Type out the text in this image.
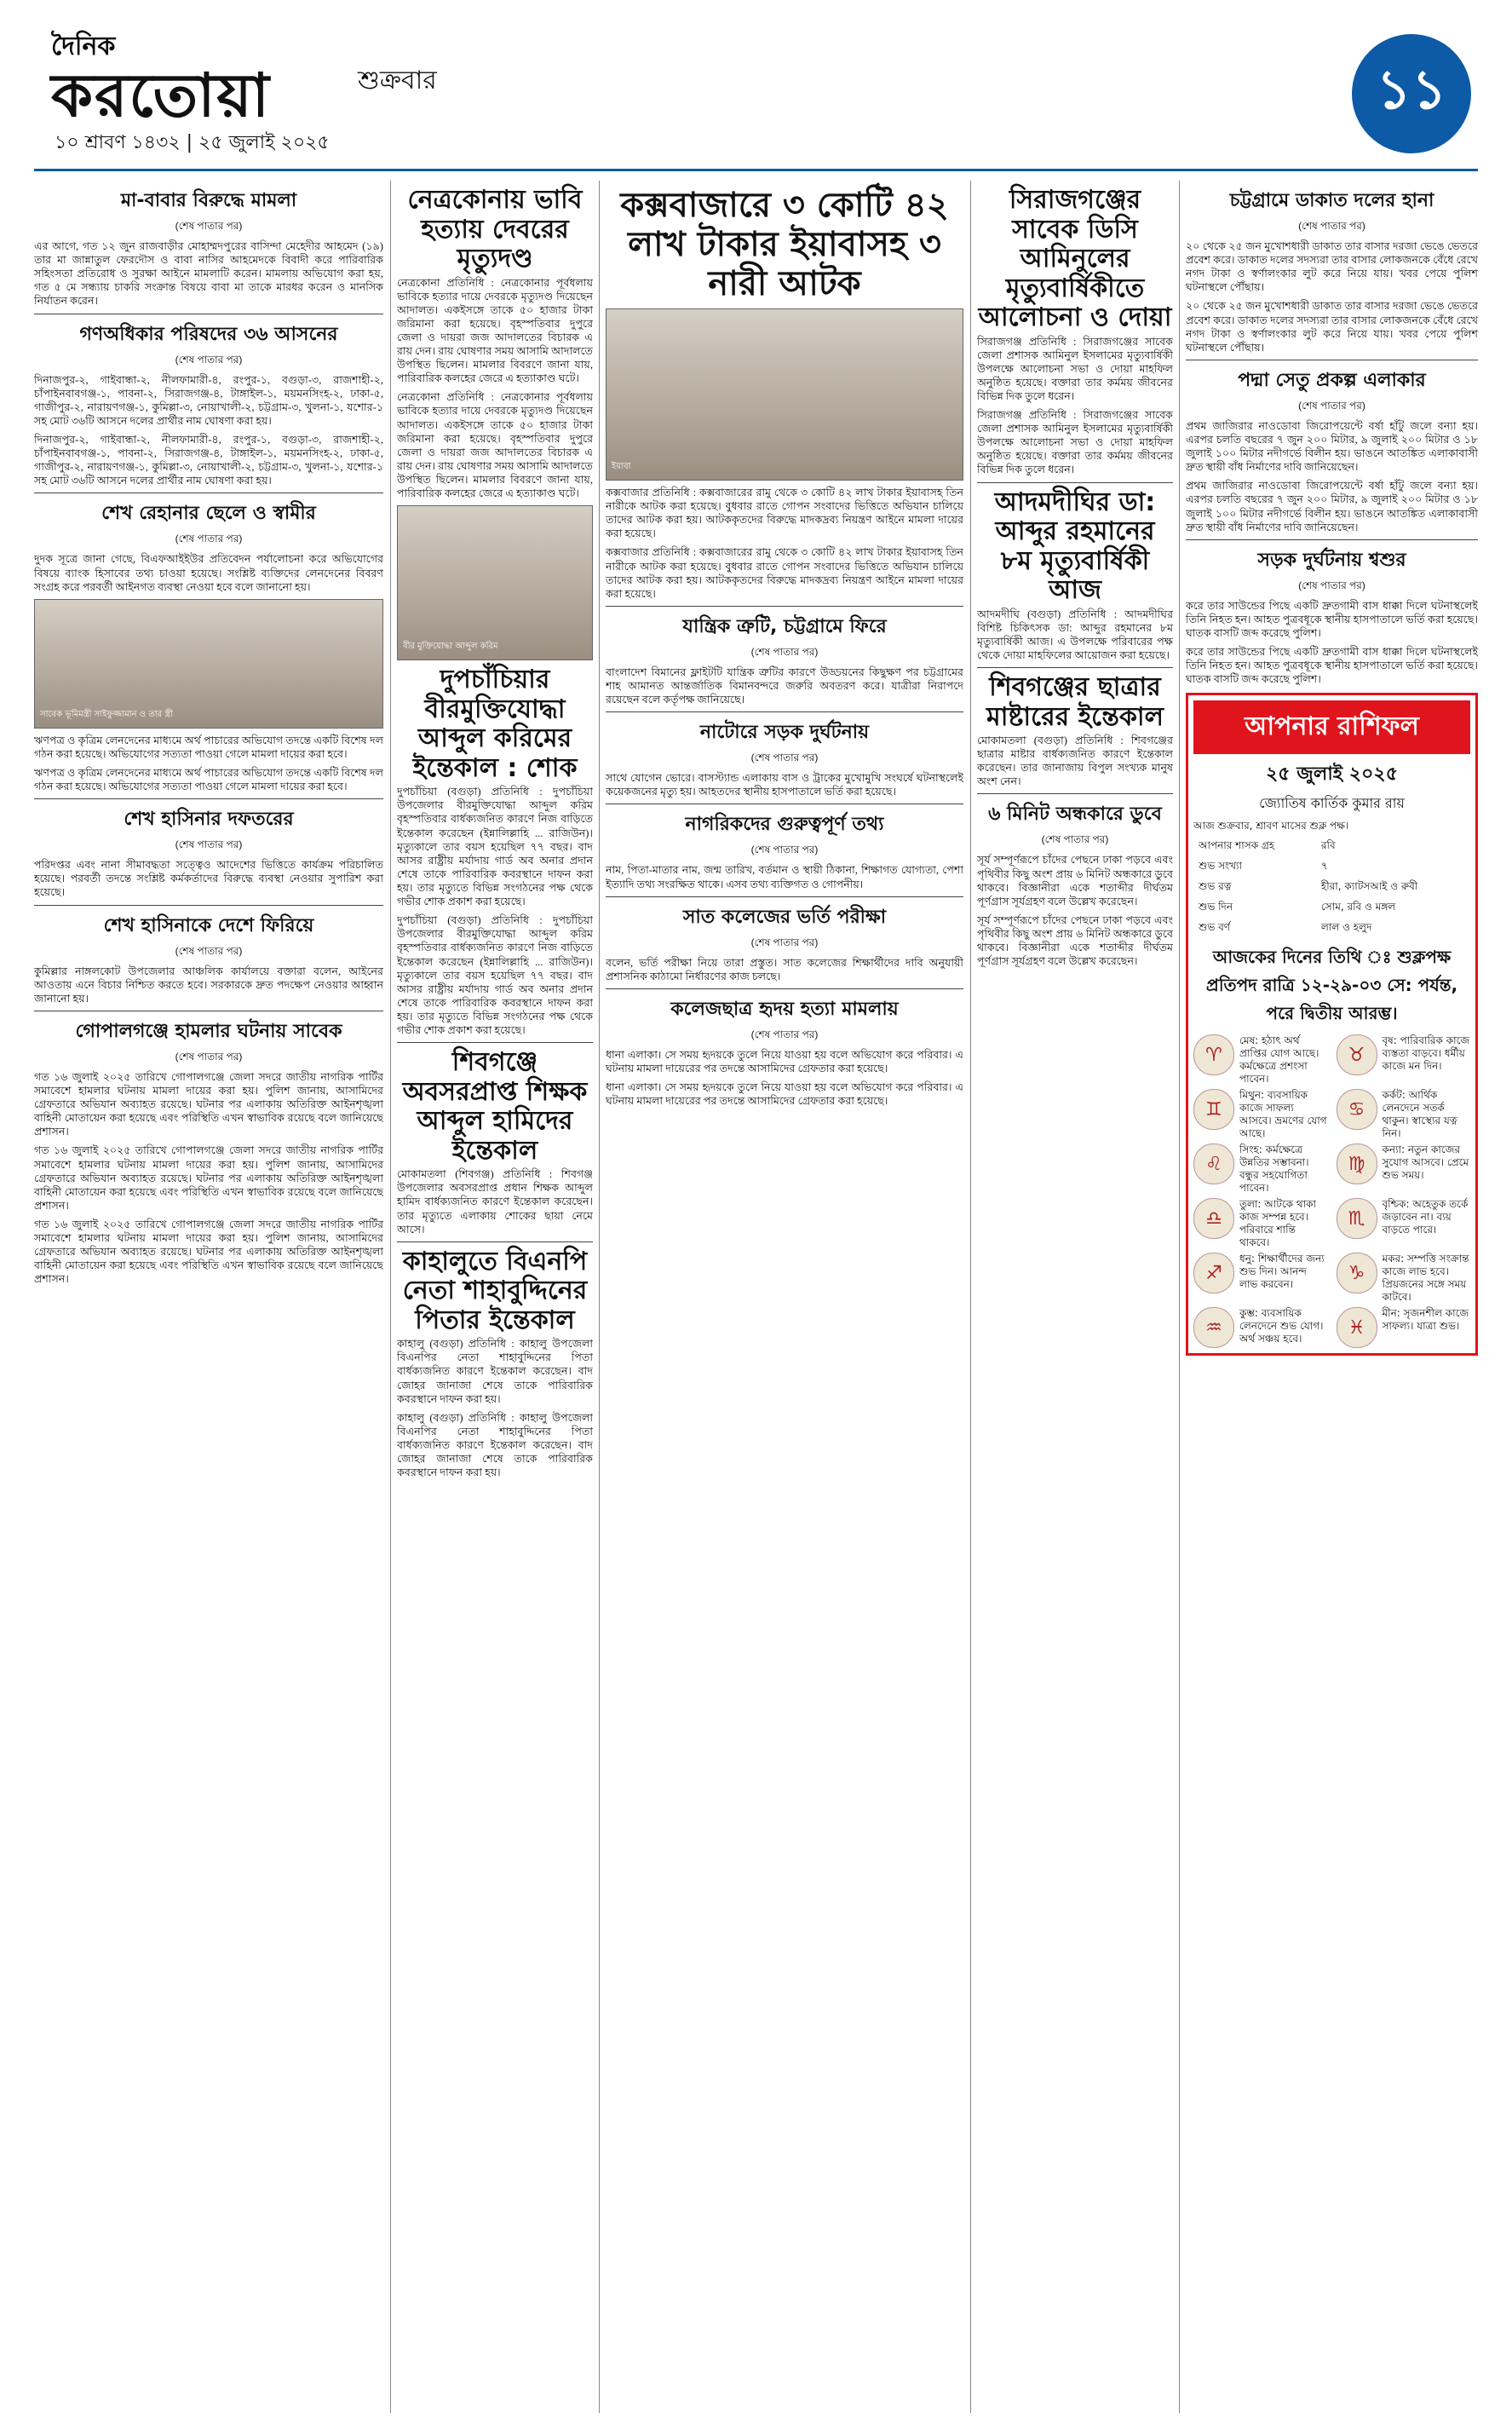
দৈনিক
করতোয়া	শুক্রবার
১০ শ্রাবণ ১৪৩২ | ২৫ জুলাই ২০২৫
১১
মা-বাবার বিরুদ্ধে মামলা
(শেষ পাতার পর)

এর আগে, গত ১২ জুন রাজবাড়ীর মোহাম্মদপুরের বাসিন্দা মেহেদীর আহমেদ (১৯) তার মা জান্নাতুল ফেরদৌস ও বাবা নাসির আহমেদকে বিবাদী করে পারিবারিক সহিংসতা প্রতিরোধ ও সুরক্ষা আইনে মামলাটি করেন। মামলায় অভিযোগ করা হয়, গত ৫ মে সন্ধ্যায় চাকরি সংক্রান্ত বিষয়ে বাবা মা তাকে মারধর করেন ও মানসিক নির্যাতন করেন।

গণঅধিকার পরিষদের ৩৬ আসনের
(শেষ পাতার পর)

দিনাজপুর-২, গাইবান্ধা-২, নীলফামারী-৪, রংপুর-১, বগুড়া-৩, রাজশাহী-২, চাঁপাইনবাবগঞ্জ-১, পাবনা-২, সিরাজগঞ্জ-৪, টাঙ্গাইল-১, ময়মনসিংহ-২, ঢাকা-৫, গাজীপুর-২, নারায়ণগঞ্জ-১, কুমিল্লা-৩, নোয়াখালী-২, চট্টগ্রাম-৩, খুলনা-১, যশোর-১ সহ মোট ৩৬টি আসনে দলের প্রার্থীর নাম ঘোষণা করা হয়।

দিনাজপুর-২, গাইবান্ধা-২, নীলফামারী-৪, রংপুর-১, বগুড়া-৩, রাজশাহী-২, চাঁপাইনবাবগঞ্জ-১, পাবনা-২, সিরাজগঞ্জ-৪, টাঙ্গাইল-১, ময়মনসিংহ-২, ঢাকা-৫, গাজীপুর-২, নারায়ণগঞ্জ-১, কুমিল্লা-৩, নোয়াখালী-২, চট্টগ্রাম-৩, খুলনা-১, যশোর-১ সহ মোট ৩৬টি আসনে দলের প্রার্থীর নাম ঘোষণা করা হয়।

শেখ রেহানার ছেলে ও স্বামীর
(শেষ পাতার পর)

দুদক সূত্রে জানা গেছে, বিএফআইইউর প্রতিবেদন পর্যালোচনা করে অভিযোগের বিষয়ে ব্যাংক হিসাবের তথ্য চাওয়া হয়েছে। সংশ্লিষ্ট ব্যক্তিদের লেনদেনের বিবরণ সংগ্রহ করে পরবর্তী আইনগত ব্যবস্থা নেওয়া হবে বলে জানানো হয়।

সাবেক ভূমিমন্ত্রী সাইফুজ্জামান ও তার স্ত্রী

ঋণপত্র ও কৃত্রিম লেনদেনের মাধ্যমে অর্থ পাচারের অভিযোগ তদন্তে একটি বিশেষ দল গঠন করা হয়েছে। অভিযোগের সত্যতা পাওয়া গেলে মামলা দায়ের করা হবে।

ঋণপত্র ও কৃত্রিম লেনদেনের মাধ্যমে অর্থ পাচারের অভিযোগ তদন্তে একটি বিশেষ দল গঠন করা হয়েছে। অভিযোগের সত্যতা পাওয়া গেলে মামলা দায়ের করা হবে।

শেখ হাসিনার দফতরের
(শেষ পাতার পর)

পরিদপ্তর এবং নানা সীমাবদ্ধতা সত্ত্বেও আদেশের ভিত্তিতে কার্যক্রম পরিচালিত হয়েছে। পরবর্তী তদন্তে সংশ্লিষ্ট কর্মকর্তাদের বিরুদ্ধে ব্যবস্থা নেওয়ার সুপারিশ করা হয়েছে।

শেখ হাসিনাকে দেশে ফিরিয়ে
(শেষ পাতার পর)

কুমিল্লার নাঙ্গলকোট উপজেলার আঞ্চলিক কার্যালয়ে বক্তারা বলেন, আইনের আওতায় এনে বিচার নিশ্চিত করতে হবে। সরকারকে দ্রুত পদক্ষেপ নেওয়ার আহ্বান জানানো হয়।

গোপালগঞ্জে হামলার ঘটনায় সাবেক
(শেষ পাতার পর)

গত ১৬ জুলাই ২০২৫ তারিখে গোপালগঞ্জে জেলা সদরে জাতীয় নাগরিক পার্টির সমাবেশে হামলার ঘটনায় মামলা দায়ের করা হয়। পুলিশ জানায়, আসামিদের গ্রেফতারে অভিযান অব্যাহত রয়েছে। ঘটনার পর এলাকায় অতিরিক্ত আইনশৃঙ্খলা বাহিনী মোতায়েন করা হয়েছে এবং পরিস্থিতি এখন স্বাভাবিক রয়েছে বলে জানিয়েছে প্রশাসন।

গত ১৬ জুলাই ২০২৫ তারিখে গোপালগঞ্জে জেলা সদরে জাতীয় নাগরিক পার্টির সমাবেশে হামলার ঘটনায় মামলা দায়ের করা হয়। পুলিশ জানায়, আসামিদের গ্রেফতারে অভিযান অব্যাহত রয়েছে। ঘটনার পর এলাকায় অতিরিক্ত আইনশৃঙ্খলা বাহিনী মোতায়েন করা হয়েছে এবং পরিস্থিতি এখন স্বাভাবিক রয়েছে বলে জানিয়েছে প্রশাসন।

গত ১৬ জুলাই ২০২৫ তারিখে গোপালগঞ্জে জেলা সদরে জাতীয় নাগরিক পার্টির সমাবেশে হামলার ঘটনায় মামলা দায়ের করা হয়। পুলিশ জানায়, আসামিদের গ্রেফতারে অভিযান অব্যাহত রয়েছে। ঘটনার পর এলাকায় অতিরিক্ত আইনশৃঙ্খলা বাহিনী মোতায়েন করা হয়েছে এবং পরিস্থিতি এখন স্বাভাবিক রয়েছে বলে জানিয়েছে প্রশাসন।

নেত্রকোনায় ভাবি হত্যায় দেবরের মৃত্যুদণ্ড

নেত্রকোনা প্রতিনিধি : নেত্রকোনার পূর্বধলায় ভাবিকে হত্যার দায়ে দেবরকে মৃত্যুদণ্ড দিয়েছেন আদালত। একইসঙ্গে তাকে ৫০ হাজার টাকা জরিমানা করা হয়েছে। বৃহস্পতিবার দুপুরে জেলা ও দায়রা জজ আদালতের বিচারক এ রায় দেন। রায় ঘোষণার সময় আসামি আদালতে উপস্থিত ছিলেন। মামলার বিবরণে জানা যায়, পারিবারিক কলহের জেরে এ হত্যাকাণ্ড ঘটে।

নেত্রকোনা প্রতিনিধি : নেত্রকোনার পূর্বধলায় ভাবিকে হত্যার দায়ে দেবরকে মৃত্যুদণ্ড দিয়েছেন আদালত। একইসঙ্গে তাকে ৫০ হাজার টাকা জরিমানা করা হয়েছে। বৃহস্পতিবার দুপুরে জেলা ও দায়রা জজ আদালতের বিচারক এ রায় দেন। রায় ঘোষণার সময় আসামি আদালতে উপস্থিত ছিলেন। মামলার বিবরণে জানা যায়, পারিবারিক কলহের জেরে এ হত্যাকাণ্ড ঘটে।

বীর মুক্তিযোদ্ধা আব্দুল করিম
দুপচাঁচিয়ার বীরমুক্তিযোদ্ধা আব্দুল করিমের ইন্তেকাল : শোক

দুপচাঁচিয়া (বগুড়া) প্রতিনিধি : দুপচাঁচিয়া উপজেলার বীরমুক্তিযোদ্ধা আব্দুল করিম বৃহস্পতিবার বার্ধক্যজনিত কারণে নিজ বাড়িতে ইন্তেকাল করেছেন (ইন্নালিল্লাহি ... রাজিউন)। মৃত্যুকালে তার বয়স হয়েছিল ৭৭ বছর। বাদ আসর রাষ্ট্রীয় মর্যাদায় গার্ড অব অনার প্রদান শেষে তাকে পারিবারিক কবরস্থানে দাফন করা হয়। তার মৃত্যুতে বিভিন্ন সংগঠনের পক্ষ থেকে গভীর শোক প্রকাশ করা হয়েছে।

দুপচাঁচিয়া (বগুড়া) প্রতিনিধি : দুপচাঁচিয়া উপজেলার বীরমুক্তিযোদ্ধা আব্দুল করিম বৃহস্পতিবার বার্ধক্যজনিত কারণে নিজ বাড়িতে ইন্তেকাল করেছেন (ইন্নালিল্লাহি ... রাজিউন)। মৃত্যুকালে তার বয়স হয়েছিল ৭৭ বছর। বাদ আসর রাষ্ট্রীয় মর্যাদায় গার্ড অব অনার প্রদান শেষে তাকে পারিবারিক কবরস্থানে দাফন করা হয়। তার মৃত্যুতে বিভিন্ন সংগঠনের পক্ষ থেকে গভীর শোক প্রকাশ করা হয়েছে।

শিবগঞ্জে অবসরপ্রাপ্ত শিক্ষক আব্দুল হামিদের ইন্তেকাল

মোকামতলা (শিবগঞ্জ) প্রতিনিধি : শিবগঞ্জ উপজেলার অবসরপ্রাপ্ত প্রধান শিক্ষক আব্দুল হামিদ বার্ধক্যজনিত কারণে ইন্তেকাল করেছেন। তার মৃত্যুতে এলাকায় শোকের ছায়া নেমে আসে।

কাহালুতে বিএনপি নেতা শাহাবুদ্দিনের পিতার ইন্তেকাল

কাহালু (বগুড়া) প্রতিনিধি : কাহালু উপজেলা বিএনপির নেতা শাহাবুদ্দিনের পিতা বার্ধক্যজনিত কারণে ইন্তেকাল করেছেন। বাদ জোহর জানাজা শেষে তাকে পারিবারিক কবরস্থানে দাফন করা হয়।

কাহালু (বগুড়া) প্রতিনিধি : কাহালু উপজেলা বিএনপির নেতা শাহাবুদ্দিনের পিতা বার্ধক্যজনিত কারণে ইন্তেকাল করেছেন। বাদ জোহর জানাজা শেষে তাকে পারিবারিক কবরস্থানে দাফন করা হয়।

কক্সবাজারে ৩ কোটি ৪২ লাখ টাকার ইয়াবাসহ ৩ নারী আটক
ইয়াবা

কক্সবাজার প্রতিনিধি : কক্সবাজারের রামু থেকে ৩ কোটি ৪২ লাখ টাকার ইয়াবাসহ তিন নারীকে আটক করা হয়েছে। বুধবার রাতে গোপন সংবাদের ভিত্তিতে অভিযান চালিয়ে তাদের আটক করা হয়। আটককৃতদের বিরুদ্ধে মাদকদ্রব্য নিয়ন্ত্রণ আইনে মামলা দায়ের করা হয়েছে।

কক্সবাজার প্রতিনিধি : কক্সবাজারের রামু থেকে ৩ কোটি ৪২ লাখ টাকার ইয়াবাসহ তিন নারীকে আটক করা হয়েছে। বুধবার রাতে গোপন সংবাদের ভিত্তিতে অভিযান চালিয়ে তাদের আটক করা হয়। আটককৃতদের বিরুদ্ধে মাদকদ্রব্য নিয়ন্ত্রণ আইনে মামলা দায়ের করা হয়েছে।

যান্ত্রিক ত্রুটি, চট্টগ্রামে ফিরে
(শেষ পাতার পর)

বাংলাদেশ বিমানের ফ্লাইটটি যান্ত্রিক ত্রুটির কারণে উড্ডয়নের কিছুক্ষণ পর চট্টগ্রামের শাহ আমানত আন্তর্জাতিক বিমানবন্দরে জরুরি অবতরণ করে। যাত্রীরা নিরাপদে রয়েছেন বলে কর্তৃপক্ষ জানিয়েছে।

নাটোরে সড়ক দুর্ঘটনায়
(শেষ পাতার পর)

সাথে যোগেন ভোরে। বাসস্ট্যান্ড এলাকায় বাস ও ট্রাকের মুখোমুখি সংঘর্ষে ঘটনাস্থলেই কয়েকজনের মৃত্যু হয়। আহতদের স্থানীয় হাসপাতালে ভর্তি করা হয়েছে।

নাগরিকদের গুরুত্বপূর্ণ তথ্য
(শেষ পাতার পর)

নাম, পিতা-মাতার নাম, জন্ম তারিখ, বর্তমান ও স্থায়ী ঠিকানা, শিক্ষাগত যোগ্যতা, পেশা ইত্যাদি তথ্য সংরক্ষিত থাকে। এসব তথ্য ব্যক্তিগত ও গোপনীয়।

সাত কলেজের ভর্তি পরীক্ষা
(শেষ পাতার পর)

বলেন, ভর্তি পরীক্ষা নিয়ে তারা প্রস্তুত। সাত কলেজের শিক্ষার্থীদের দাবি অনুযায়ী প্রশাসনিক কাঠামো নির্ধারণের কাজ চলছে।

কলেজছাত্র হৃদয় হত্যা মামলায়
(শেষ পাতার পর)

ধানা এলাকা। সে সময় হৃদয়কে তুলে নিয়ে যাওয়া হয় বলে অভিযোগ করে পরিবার। এ ঘটনায় মামলা দায়েরের পর তদন্তে আসামিদের গ্রেফতার করা হয়েছে।

ধানা এলাকা। সে সময় হৃদয়কে তুলে নিয়ে যাওয়া হয় বলে অভিযোগ করে পরিবার। এ ঘটনায় মামলা দায়েরের পর তদন্তে আসামিদের গ্রেফতার করা হয়েছে।

সিরাজগঞ্জের সাবেক ডিসি আমিনুলের মৃত্যুবার্ষিকীতে আলোচনা ও দোয়া

সিরাজগঞ্জ প্রতিনিধি : সিরাজগঞ্জের সাবেক জেলা প্রশাসক আমিনুল ইসলামের মৃত্যুবার্ষিকী উপলক্ষে আলোচনা সভা ও দোয়া মাহফিল অনুষ্ঠিত হয়েছে। বক্তারা তার কর্মময় জীবনের বিভিন্ন দিক তুলে ধরেন।

সিরাজগঞ্জ প্রতিনিধি : সিরাজগঞ্জের সাবেক জেলা প্রশাসক আমিনুল ইসলামের মৃত্যুবার্ষিকী উপলক্ষে আলোচনা সভা ও দোয়া মাহফিল অনুষ্ঠিত হয়েছে। বক্তারা তার কর্মময় জীবনের বিভিন্ন দিক তুলে ধরেন।

আদমদীঘির ডা: আব্দুর রহমানের ৮ম মৃত্যুবার্ষিকী আজ

আদমদীঘি (বগুড়া) প্রতিনিধি : আদমদীঘির বিশিষ্ট চিকিৎসক ডা: আব্দুর রহমানের ৮ম মৃত্যুবার্ষিকী আজ। এ উপলক্ষে পরিবারের পক্ষ থেকে দোয়া মাহফিলের আয়োজন করা হয়েছে।

শিবগঞ্জের ছাত্রার মাষ্টারের ইন্তেকাল

মোকামতলা (বগুড়া) প্রতিনিধি : শিবগঞ্জের ছাত্রার মাষ্টার বার্ধক্যজনিত কারণে ইন্তেকাল করেছেন। তার জানাজায় বিপুল সংখ্যক মানুষ অংশ নেন।

৬ মিনিট অন্ধকারে ডুবে
(শেষ পাতার পর)

সূর্য সম্পূর্ণরূপে চাঁদের পেছনে ঢাকা পড়বে এবং পৃথিবীর কিছু অংশ প্রায় ৬ মিনিট অন্ধকারে ডুবে থাকবে। বিজ্ঞানীরা একে শতাব্দীর দীর্ঘতম পূর্ণগ্রাস সূর্যগ্রহণ বলে উল্লেখ করেছেন।

সূর্য সম্পূর্ণরূপে চাঁদের পেছনে ঢাকা পড়বে এবং পৃথিবীর কিছু অংশ প্রায় ৬ মিনিট অন্ধকারে ডুবে থাকবে। বিজ্ঞানীরা একে শতাব্দীর দীর্ঘতম পূর্ণগ্রাস সূর্যগ্রহণ বলে উল্লেখ করেছেন।

চট্টগ্রামে ডাকাত দলের হানা
(শেষ পাতার পর)

২০ থেকে ২৫ জন মুখোশধারী ডাকাত তার বাসার দরজা ভেঙে ভেতরে প্রবেশ করে। ডাকাত দলের সদস্যরা তার বাসার লোকজনকে বেঁধে রেখে নগদ টাকা ও স্বর্ণালংকার লুট করে নিয়ে যায়। খবর পেয়ে পুলিশ ঘটনাস্থলে পৌঁছায়।

২০ থেকে ২৫ জন মুখোশধারী ডাকাত তার বাসার দরজা ভেঙে ভেতরে প্রবেশ করে। ডাকাত দলের সদস্যরা তার বাসার লোকজনকে বেঁধে রেখে নগদ টাকা ও স্বর্ণালংকার লুট করে নিয়ে যায়। খবর পেয়ে পুলিশ ঘটনাস্থলে পৌঁছায়।

পদ্মা সেতু প্রকল্প এলাকার
(শেষ পাতার পর)

প্রথম জাজিরার নাওডোবা জিরোপয়েন্টে বর্ষা হাঁটু জলে বন্যা হয়। এরপর চলতি বছরের ৭ জুন ২০০ মিটার, ৯ জুলাই ২০০ মিটার ও ১৮ জুলাই ১০০ মিটার নদীগর্ভে বিলীন হয়। ভাঙনে আতঙ্কিত এলাকাবাসী দ্রুত স্থায়ী বাঁধ নির্মাণের দাবি জানিয়েছেন।

প্রথম জাজিরার নাওডোবা জিরোপয়েন্টে বর্ষা হাঁটু জলে বন্যা হয়। এরপর চলতি বছরের ৭ জুন ২০০ মিটার, ৯ জুলাই ২০০ মিটার ও ১৮ জুলাই ১০০ মিটার নদীগর্ভে বিলীন হয়। ভাঙনে আতঙ্কিত এলাকাবাসী দ্রুত স্থায়ী বাঁধ নির্মাণের দাবি জানিয়েছেন।

সড়ক দুর্ঘটনায় শ্বশুর
(শেষ পাতার পর)

করে তার সাউন্ডের পিছে একটি দ্রুতগামী বাস ধাক্কা দিলে ঘটনাস্থলেই তিনি নিহত হন। আহত পুত্রবধূকে স্থানীয় হাসপাতালে ভর্তি করা হয়েছে। ঘাতক বাসটি জব্দ করেছে পুলিশ।

করে তার সাউন্ডের পিছে একটি দ্রুতগামী বাস ধাক্কা দিলে ঘটনাস্থলেই তিনি নিহত হন। আহত পুত্রবধূকে স্থানীয় হাসপাতালে ভর্তি করা হয়েছে। ঘাতক বাসটি জব্দ করেছে পুলিশ।

আপনার রাশিফল
২৫ জুলাই ২০২৫
জ্যোতিষ কার্তিক কুমার রায়
আজ শুক্রবার, শ্রাবণ মাসের শুক্ল পক্ষ।
আপনার শাসক গ্রহ	রবি
শুভ সংখ্যা	৭
শুভ রত্ন	হীরা, ক্যাটসআই ও রুবী
শুভ দিন	সোম, রবি ও মঙ্গল
শুভ বর্ণ	লাল ও হলুদ
আজকের দিনের তিথি ঃ শুক্লপক্ষ প্রতিপদ রাত্রি ১২-২৯-০৩ সে: পর্যন্ত, পরে দ্বিতীয় আরম্ভ।
♈
মেষ: হঠাৎ অর্থ প্রাপ্তির যোগ আছে। কর্মক্ষেত্রে প্রশংসা পাবেন।
♉
বৃষ: পারিবারিক কাজে ব্যস্ততা বাড়বে। ধর্মীয় কাজে মন দিন।
♊
মিথুন: ব্যবসায়িক কাজে সাফল্য আসবে। ভ্রমণের যোগ আছে।
♋
কর্কট: আর্থিক লেনদেনে সতর্ক থাকুন। স্বাস্থ্যের যত্ন নিন।
♌
সিংহ: কর্মক্ষেত্রে উন্নতির সম্ভাবনা। বন্ধুর সহযোগিতা পাবেন।
♍
কন্যা: নতুন কাজের সুযোগ আসবে। প্রেমে শুভ সময়।
♎
তুলা: আটকে থাকা কাজ সম্পন্ন হবে। পরিবারে শান্তি থাকবে।
♏
বৃশ্চিক: অহেতুক তর্কে জড়াবেন না। ব্যয় বাড়তে পারে।
♐
ধনু: শিক্ষার্থীদের জন্য শুভ দিন। আনন্দ লাভ করবেন।
♑
মকর: সম্পত্তি সংক্রান্ত কাজে লাভ হবে। প্রিয়জনের সঙ্গে সময় কাটবে।
♒
কুম্ভ: ব্যবসায়িক লেনদেনে শুভ যোগ। অর্থ সঞ্চয় হবে।
♓
মীন: সৃজনশীল কাজে সাফল্য। যাত্রা শুভ।
